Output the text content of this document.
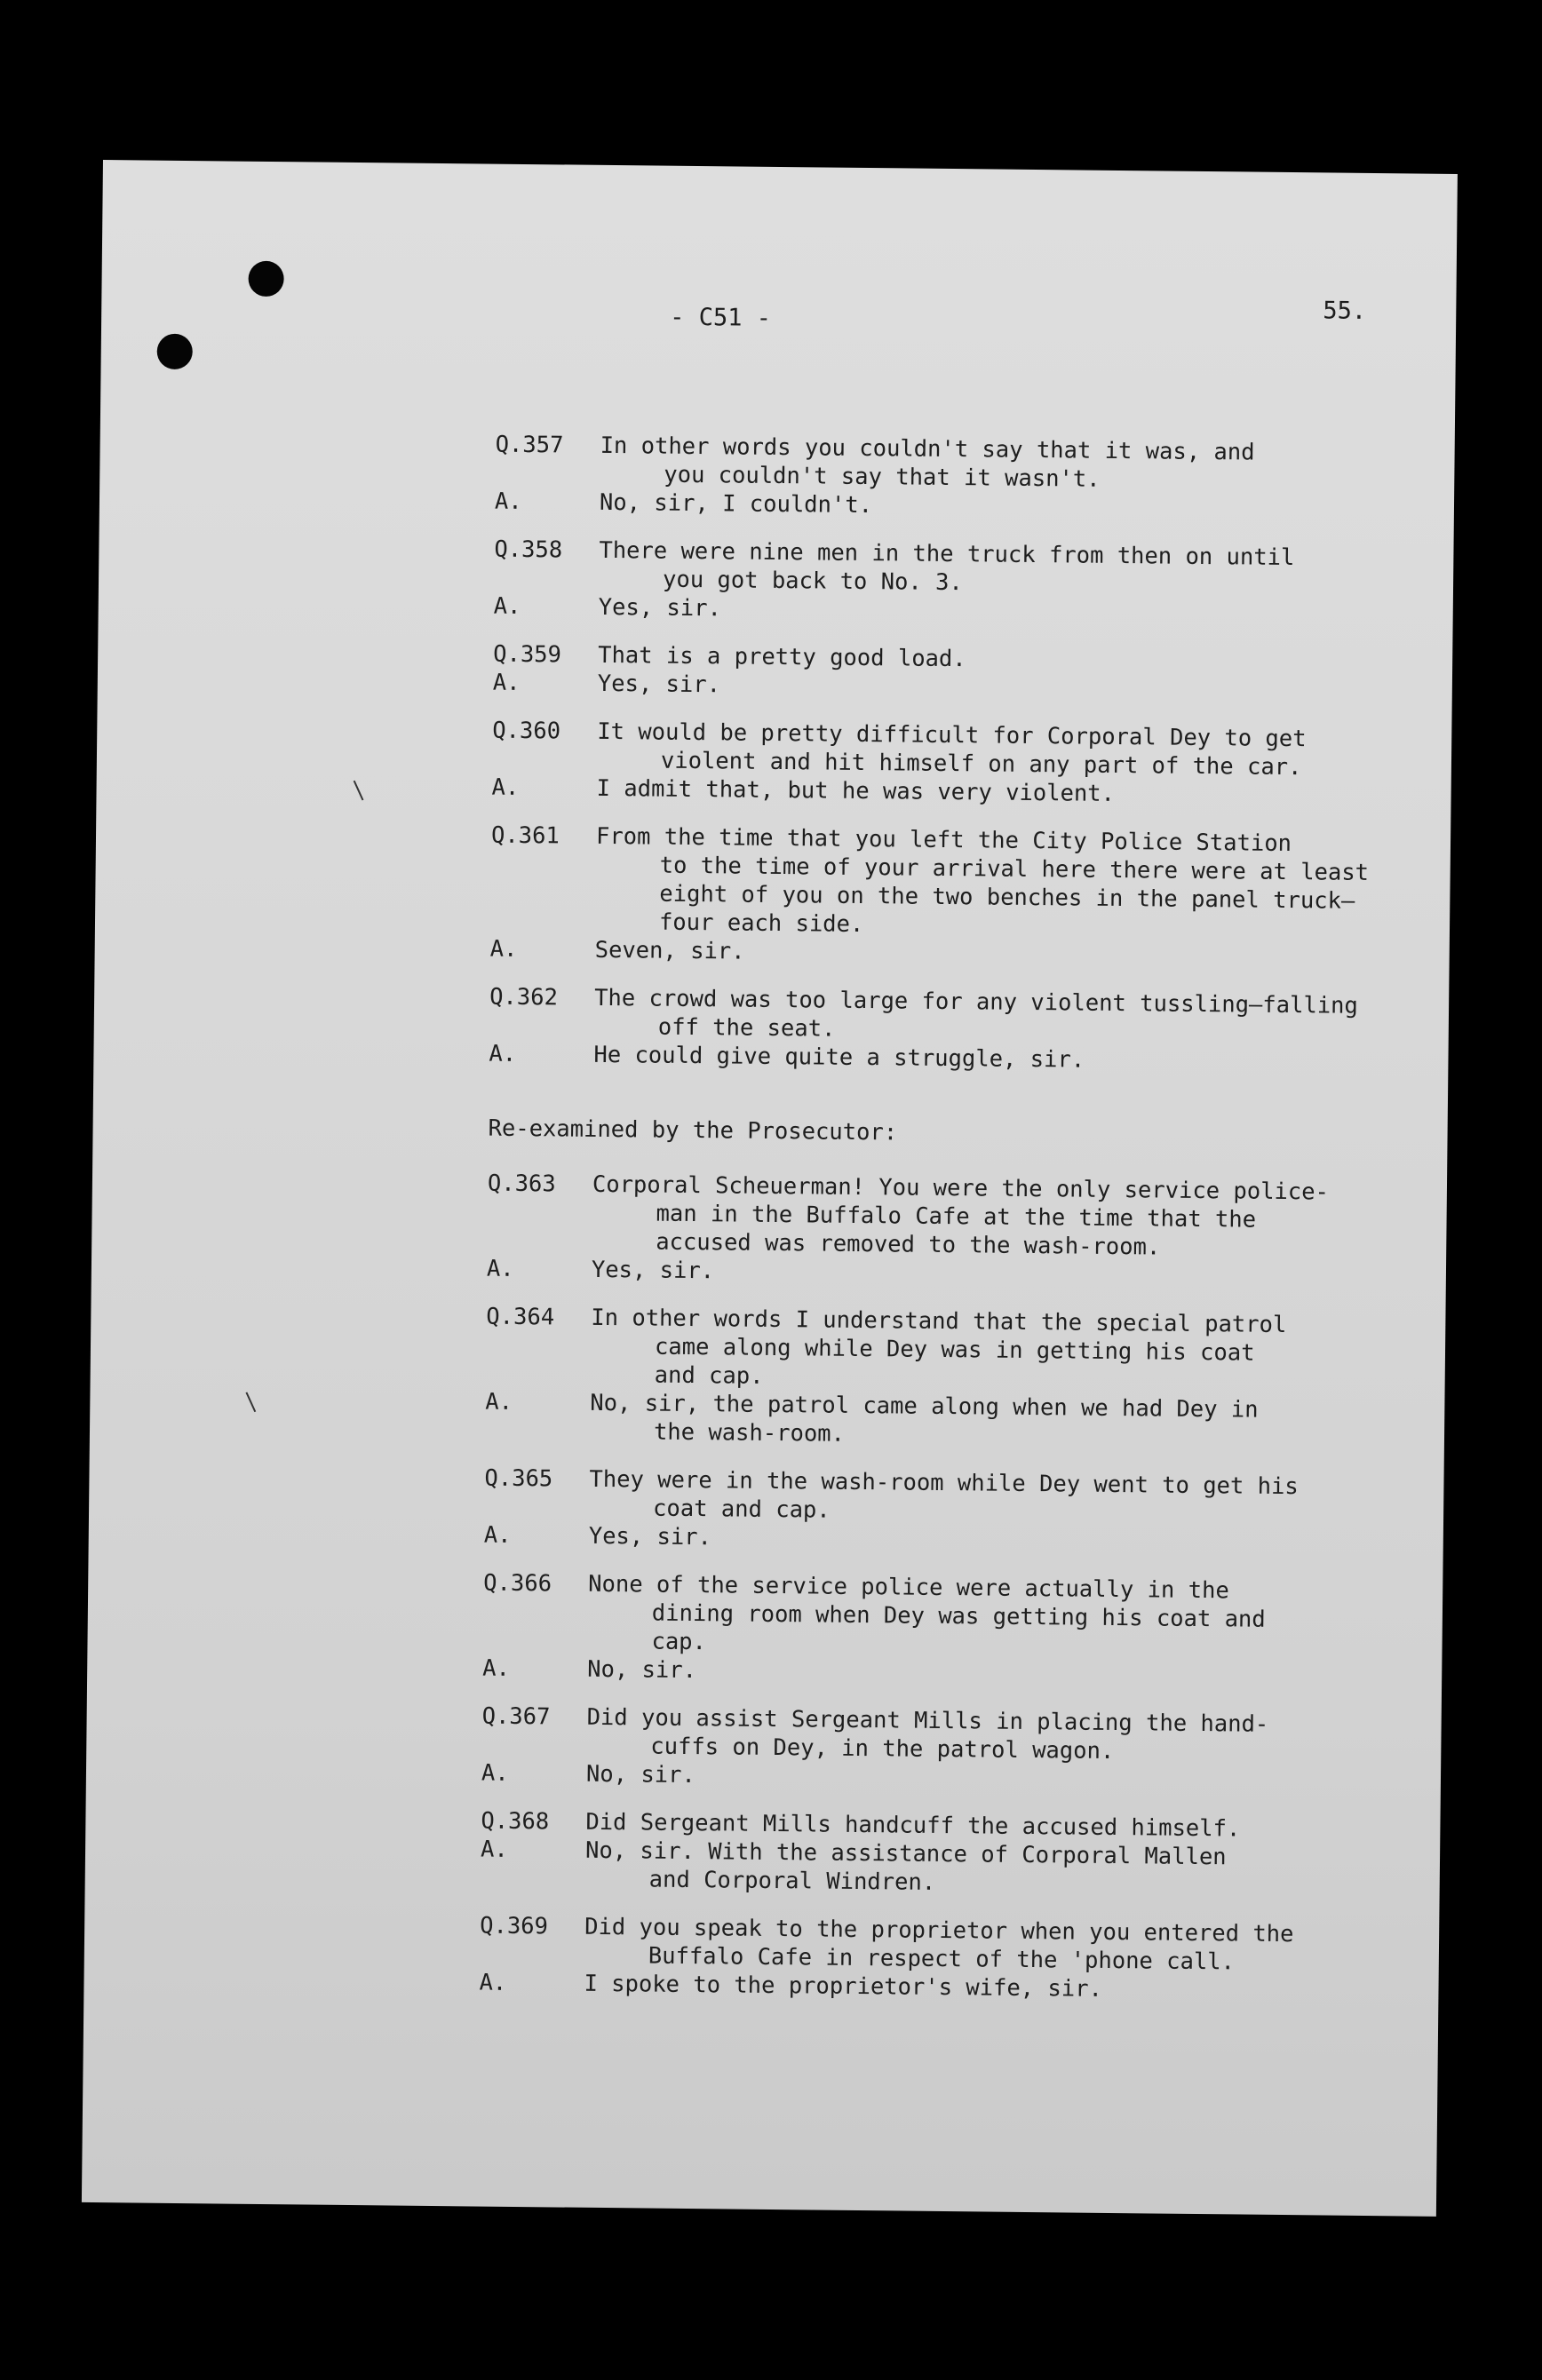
- C51 -	55.
Q.357	In other words you couldn't say that it was, and
you couldn't say that it wasn't.
A.	No, sir, I couldn't.
Q.358	There were nine men in the truck from then on until
you got back to No. 3.
A.	Yes, sir.
Q.359	That is a pretty good load.
A.	Yes, sir.
Q.360	It would be pretty difficult for Corporal Dey to get
violent and hit himself on any part of the car.
A.	I admit that, but he was very violent.
Q.361	From the time that you left the City Police Station
to the time of your arrival here there were at least
eight of you on the two benches in the panel truck—
four each side.
A.	Seven, sir.
Q.362	The crowd was too large for any violent tussling—falling
off the seat.
A.	He could give quite a struggle, sir.
Re-examined by the Prosecutor:
Q.363	Corporal Scheuerman! You were the only service police-
man in the Buffalo Cafe at the time that the
accused was removed to the wash-room.
A.	Yes, sir.
Q.364	In other words I understand that the special patrol
came along while Dey was in getting his coat
and cap.
A.	No, sir, the patrol came along when we had Dey in
the wash-room.
Q.365	They were in the wash-room while Dey went to get his
coat and cap.
A.	Yes, sir.
Q.366	None of the service police were actually in the
dining room when Dey was getting his coat and
cap.
A.	No, sir.
Q.367	Did you assist Sergeant Mills in placing the hand-
cuffs on Dey, in the patrol wagon.
A.	No, sir.
Q.368	Did Sergeant Mills handcuff the accused himself.
A.	No, sir. With the assistance of Corporal Mallen
and Corporal Windren.
Q.369	Did you speak to the proprietor when you entered the
Buffalo Cafe in respect of the 'phone call.
A.	I spoke to the proprietor's wife, sir.
